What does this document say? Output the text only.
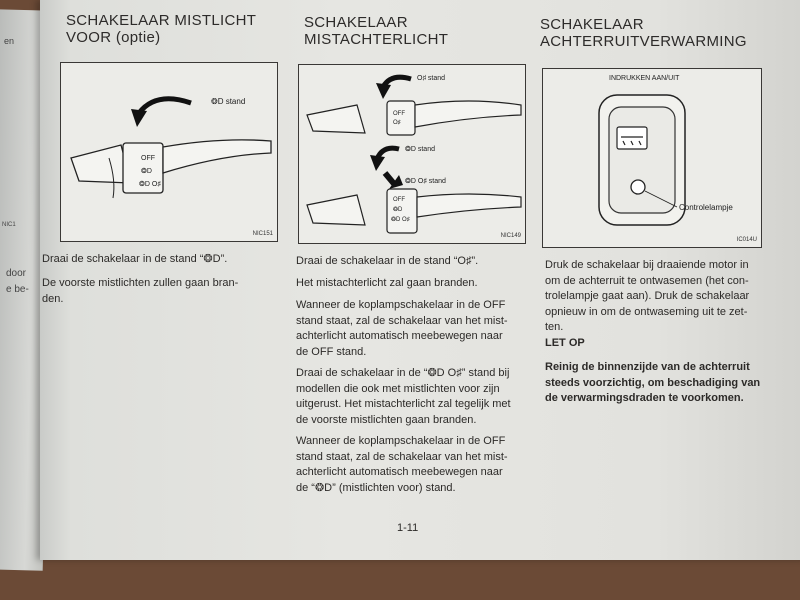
en
NIC1
door
e be-
SCHAKELAAR MISTLICHT
VOOR (optie)
❂D stand
OFF
❂D
❂D O♯
NIC151

Draai de schakelaar in de stand “❂D”.

De voorste mistlichten zullen gaan bran-
den.

SCHAKELAAR
MISTACHTERLICHT
O♯ stand
❂D stand
❂D O♯ stand
OFF
O♯
OFF
❂D
❂D O♯
NIC149

Draai de schakelaar in de stand “O♯”.

Het mistachterlicht zal gaan branden.

Wanneer de koplampschakelaar in de OFF
stand staat, zal de schakelaar van het mist-
achterlicht automatisch meebewegen naar
de OFF stand.

Draai de schakelaar in de “❂D O♯” stand bij
modellen die ook met mistlichten voor zijn
uitgerust. Het mistachterlicht zal tegelijk met
de voorste mistlichten gaan branden.

Wanneer de koplampschakelaar in de OFF
stand staat, zal de schakelaar van het mist-
achterlicht automatisch meebewegen naar
de “❂D” (mistlichten voor) stand.

1-11
SCHAKELAAR
ACHTERRUITVERWARMING
INDRUKKEN AAN/UIT
Controlelampje
IC014U

Druk de schakelaar bij draaiende motor in
om de achterruit te ontwasemen (het con-
trolelampje gaat aan). Druk de schakelaar
opnieuw in om de ontwaseming uit te zet-
ten.

LET OP

Reinig de binnenzijde van de achterruit
steeds voorzichtig, om beschadiging van
de verwarmingsdraden te voorkomen.
